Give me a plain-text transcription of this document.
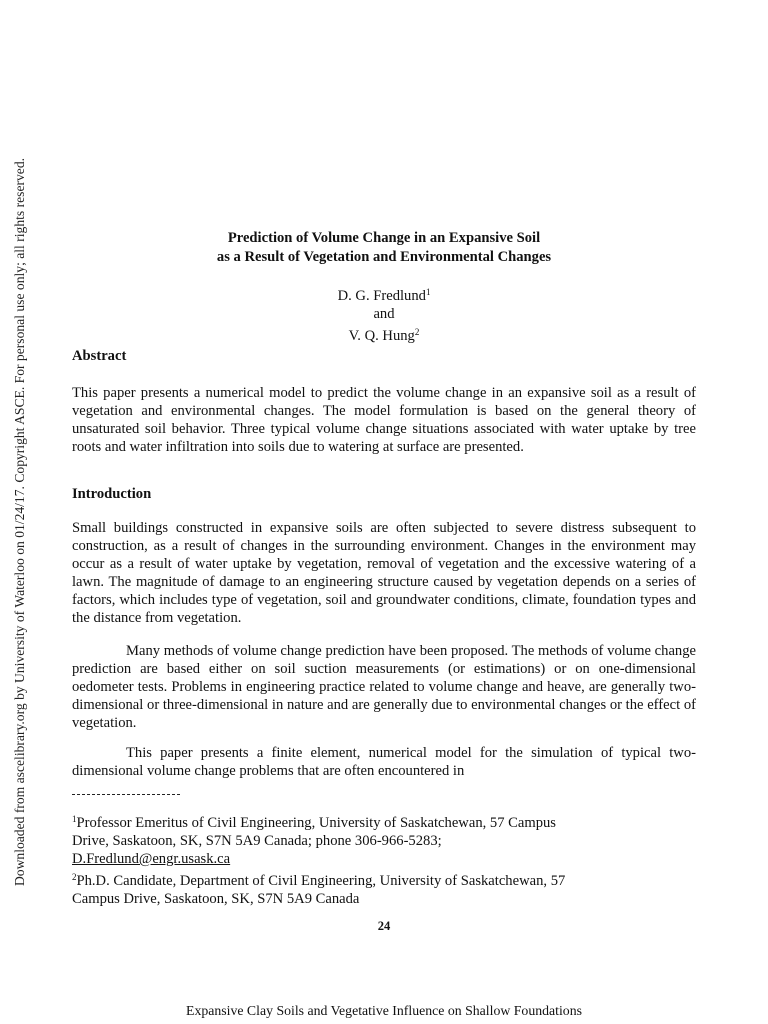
Downloaded from ascelibrary.org by University of Waterloo on 01/24/17. Copyright ASCE. For personal use only; all rights reserved.	Prediction of Volume Change in an Expansive Soil
as a Result of Vegetation and Environmental Changes
D. G. Fredlund$^1$
and
V. Q. Hung$^2$
Abstract

This paper presents a numerical model to predict the volume change in an expansive soil as a result of vegetation and environmental changes. The model formulation is based on the general theory of unsaturated soil behavior. Three typical volume change situations associated with water uptake by tree roots and water infiltration into soils due to watering at surface are presented.

Introduction

Small buildings constructed in expansive soils are often subjected to severe distress subsequent to construction, as a result of changes in the surrounding environment. Changes in the environment may occur as a result of water uptake by vegetation, removal of vegetation and the excessive watering of a lawn. The magnitude of damage to an engineering structure caused by vegetation depends on a series of factors, which includes type of vegetation, soil and groundwater conditions, climate, foundation types and the distance from vegetation.

Many methods of volume change prediction have been proposed. The methods of volume change prediction are based either on soil suction measurements (or estimations) or on one-dimensional oedometer tests. Problems in engineering practice related to volume change and heave, are generally two-dimensional or three-dimensional in nature and are generally due to environmental changes or the effect of vegetation.

This paper presents a finite element, numerical model for the simulation of typical two-dimensional volume change problems that are often encountered in

$^1$Professor Emeritus of Civil Engineering, University of Saskatchewan, 57 Campus
Drive, Saskatoon, SK, S7N 5A9 Canada; phone 306-966-5283;
D.Fredlund@engr.usask.ca
$^2$Ph.D. Candidate, Department of Civil Engineering, University of Saskatchewan, 57
Campus Drive, Saskatoon, SK, S7N 5A9 Canada
24
Expansive Clay Soils and Vegetative Influence on Shallow Foundations
